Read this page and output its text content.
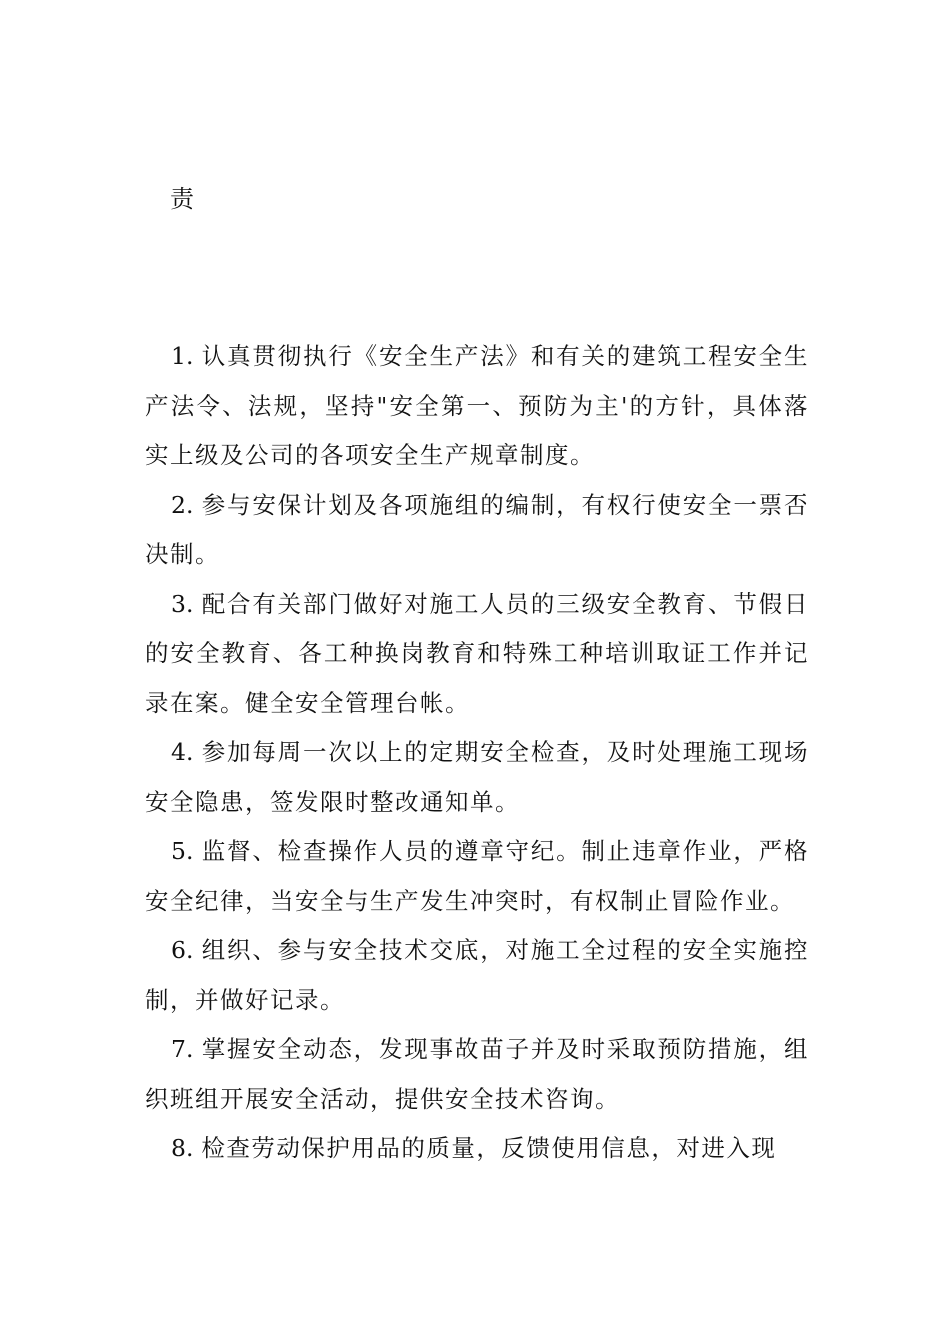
责

1. 认真贯彻执行《安全生产法》和有关的建筑工程安全生产法令、法规，坚持"安全第一、预防为主'的方针，具体落实上级及公司的各项安全生产规章制度。

2. 参与安保计划及各项施组的编制，有权行使安全一票否决制。

3. 配合有关部门做好对施工人员的三级安全教育、节假日的安全教育、各工种换岗教育和特殊工种培训取证工作并记录在案。健全安全管理台帐。

4. 参加每周一次以上的定期安全检查，及时处理施工现场安全隐患，签发限时整改通知单。

5. 监督、检查操作人员的遵章守纪。制止违章作业，严格安全纪律，当安全与生产发生冲突时，有权制止冒险作业。

6. 组织、参与安全技术交底，对施工全过程的安全实施控制，并做好记录。

7. 掌握安全动态，发现事故苗子并及时采取预防措施，组织班组开展安全活动，提供安全技术咨询。

8. 检查劳动保护用品的质量，反馈使用信息，对进入现
